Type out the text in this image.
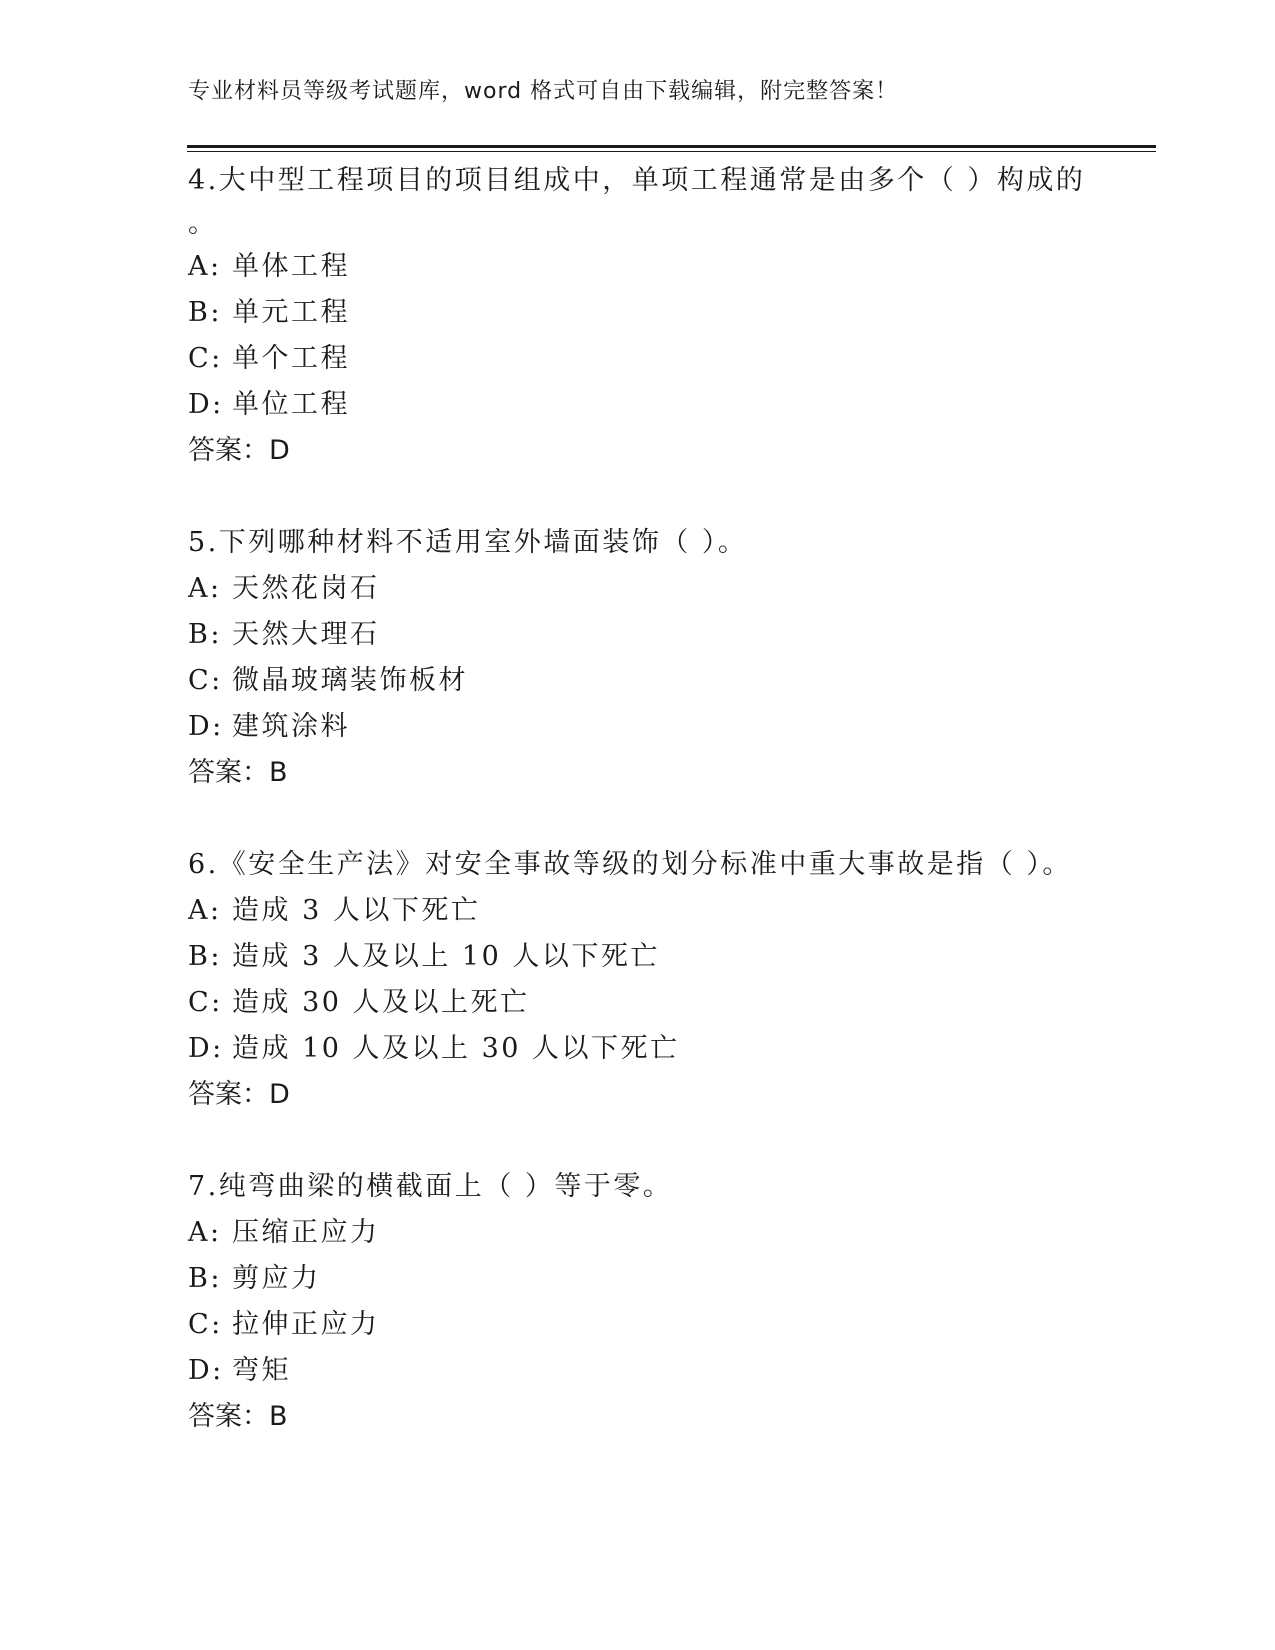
专业材料员等级考试题库，word 格式可自由下载编辑，附完整答案！
4.大中型工程项目的项目组成中，单项工程通常是由多个（ ）构成的
。
A: 单体工程
B: 单元工程
C: 单个工程
D: 单位工程
答案：D
5.下列哪种材料不适用室外墙面装饰（ ）。
A: 天然花岗石
B: 天然大理石
C: 微晶玻璃装饰板材
D: 建筑涂料
答案：B
6.《安全生产法》对安全事故等级的划分标准中重大事故是指（ ）。
A: 造成 3 人以下死亡
B: 造成 3 人及以上 10 人以下死亡
C: 造成 30 人及以上死亡
D: 造成 10 人及以上 30 人以下死亡
答案：D
7.纯弯曲梁的横截面上（ ）等于零。
A: 压缩正应力
B: 剪应力
C: 拉伸正应力
D: 弯矩
答案：B
